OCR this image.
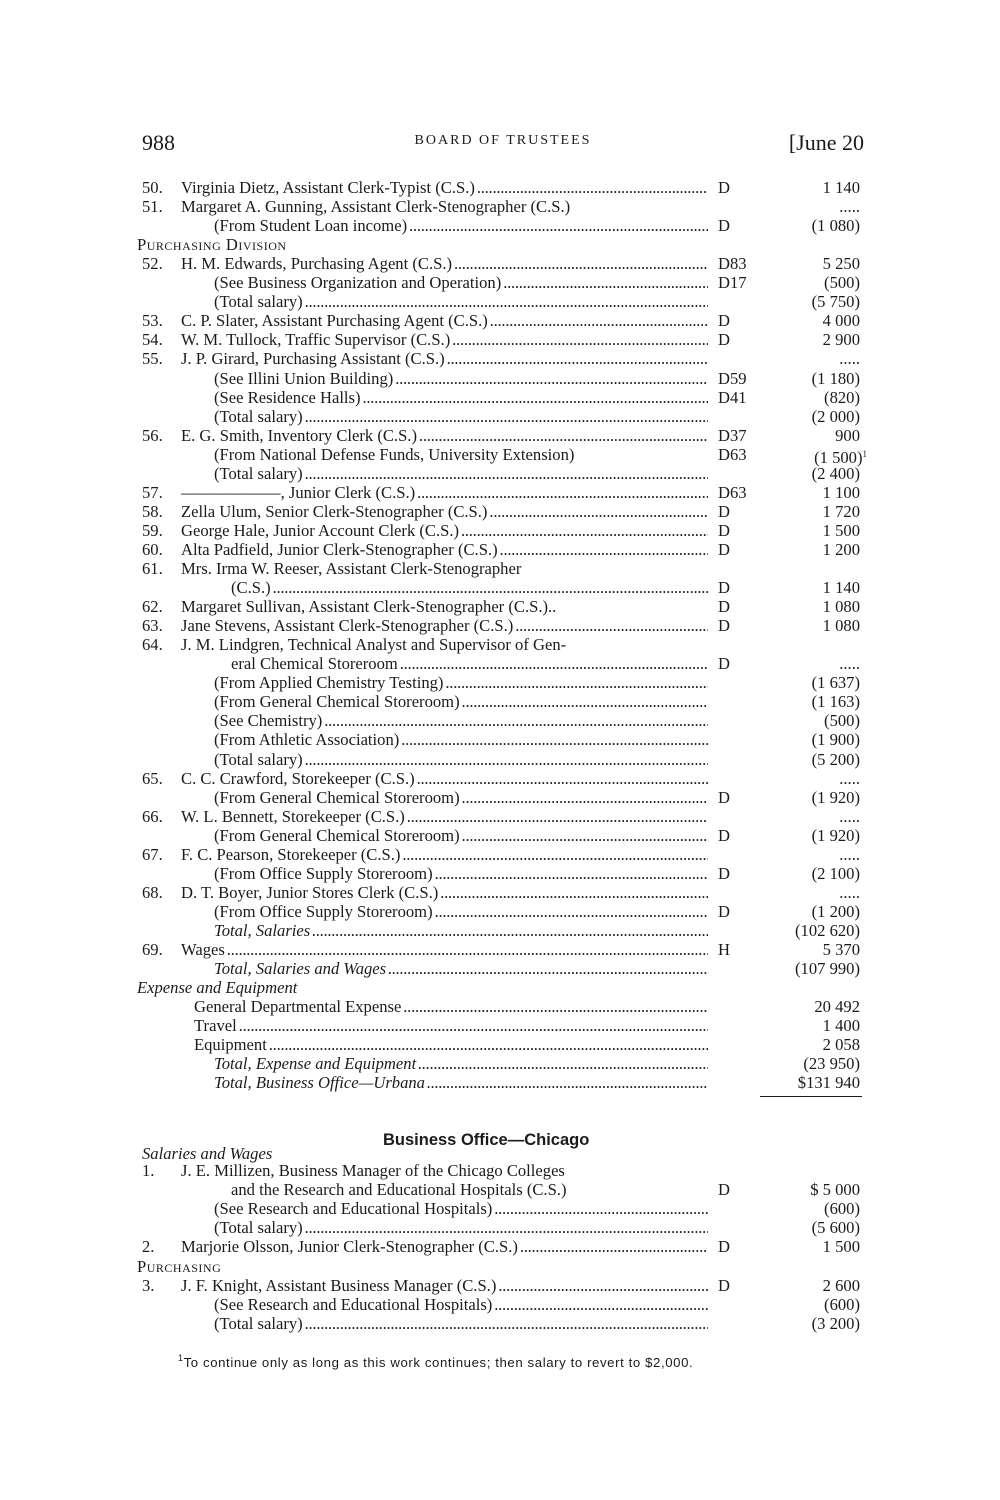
988	BOARD OF TRUSTEES	[June 20
50. Virginia Dietz, Assistant Clerk-Typist (C.S.) . . .	D	1 140
51. Margaret A. Gunning, Assistant Clerk-Stenographer (C.S.)	.....
(From Student Loan income) . . .	D	(1 080)
Purchasing Division
52. H. M. Edwards, Purchasing Agent (C.S.) . . .	D83	5 250
(See Business Organization and Operation) . . .	D17	(500)
(Total salary) . . .	(5 750)
53. C. P. Slater, Assistant Purchasing Agent (C.S.) . . .	D	4 000
54. W. M. Tullock, Traffic Supervisor (C.S.) . . .	D	2 900
55. J. P. Girard, Purchasing Assistant (C.S.) . . .	.....
(See Illini Union Building) . . .	D59	(1 180)
(See Residence Halls) . . .	D41	(820)
(Total salary) . . .	(2 000)
56. E. G. Smith, Inventory Clerk (C.S.) . . .	D37	900
(From National Defense Funds, University Extension)	D63	(1 500)$^1$
(Total salary) . . .	(2 400)
57. ——————, Junior Clerk (C.S.) . . .	D63	1 100
58. Zella Ulum, Senior Clerk-Stenographer (C.S.) . . .	D	1 720
59. George Hale, Junior Account Clerk (C.S.) . . .	D	1 500
60. Alta Padfield, Junior Clerk-Stenographer (C.S.) . . .	D	1 200
61. Mrs. Irma W. Reeser, Assistant Clerk-Stenographer
(C.S.) . . .	D	1 140
62. Margaret Sullivan, Assistant Clerk-Stenographer (C.S.)..	D	1 080
63. Jane Stevens, Assistant Clerk-Stenographer (C.S.) . . .	D	1 080
64. J. M. Lindgren, Technical Analyst and Supervisor of Gen-
eral Chemical Storeroom . . .	D	.....
(From Applied Chemistry Testing) . . .	(1 637)
(From General Chemical Storeroom) . . .	(1 163)
(See Chemistry) . . .	(500)
(From Athletic Association) . . .	(1 900)
(Total salary) . . .	(5 200)
65. C. C. Crawford, Storekeeper (C.S.) . . .	.....
(From General Chemical Storeroom) . . .	D	(1 920)
66. W. L. Bennett, Storekeeper (C.S.) . . .	.....
(From General Chemical Storeroom) . . .	D	(1 920)
67. F. C. Pearson, Storekeeper (C.S.) . . .	.....
(From Office Supply Storeroom) . . .	D	(2 100)
68. D. T. Boyer, Junior Stores Clerk (C.S.) . . .	.....
(From Office Supply Storeroom) . . .	D	(1 200)
Total, Salaries . . .	(102 620)
69. Wages . . .	H	5 370
Total, Salaries and Wages . . .	(107 990)
Expense and Equipment
General Departmental Expense . . .	20 492
Travel . . .	1 400
Equipment . . .	2 058
Total, Expense and Equipment . . .	(23 950)
Total, Business Office—Urbana . . .	$131 940
Business Office—Chicago
Salaries and Wages
1. J. E. Millizen, Business Manager of the Chicago Colleges
and the Research and Educational Hospitals (C.S.)	D	$ 5 000
(See Research and Educational Hospitals) . . .	(600)
(Total salary) . . .	(5 600)
2. Marjorie Olsson, Junior Clerk-Stenographer (C.S.) . . .	D	1 500
Purchasing
3. J. F. Knight, Assistant Business Manager (C.S.) . . .	D	2 600
(See Research and Educational Hospitals) . . .	(600)
(Total salary) . . .	(3 200)
$^1$To continue only as long as this work continues; then salary to revert to $2,000.
